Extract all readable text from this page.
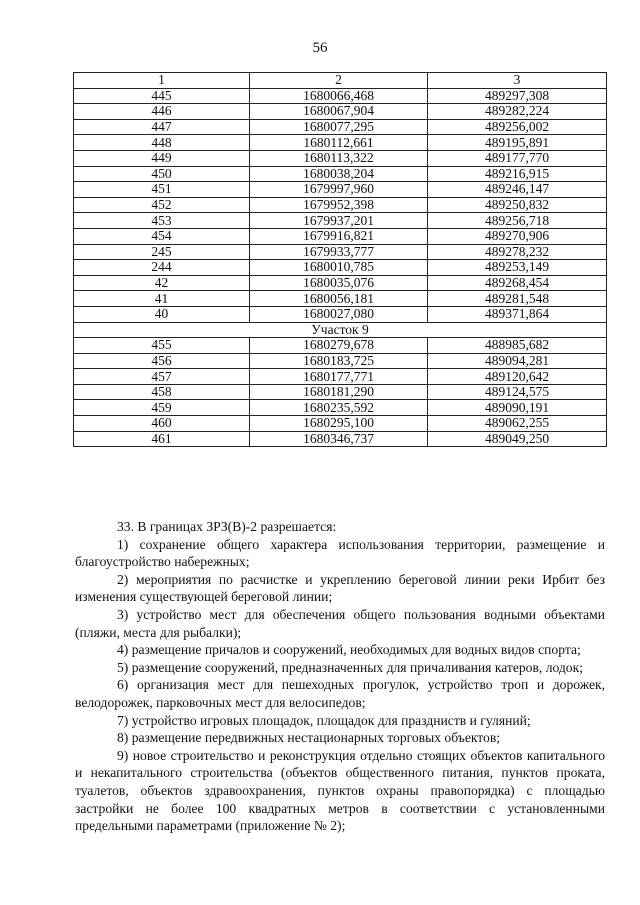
56
1	2	3
445	1680066,468	489297,308
446	1680067,904	489282,224
447	1680077,295	489256,002
448	1680112,661	489195,891
449	1680113,322	489177,770
450	1680038,204	489216,915
451	1679997,960	489246,147
452	1679952,398	489250,832
453	1679937,201	489256,718
454	1679916,821	489270,906
245	1679933,777	489278,232
244	1680010,785	489253,149
42	1680035,076	489268,454
41	1680056,181	489281,548
40	1680027,080	489371,864
Участок 9		
455	1680279,678	488985,682
456	1680183,725	489094,281
457	1680177,771	489120,642
458	1680181,290	489124,575
459	1680235,592	489090,191
460	1680295,100	489062,255
461	1680346,737	489049,250

33. В границах ЗРЗ(В)-2 разрешается:

1) сохранение общего характера использования территории, размещение и благоустройство набережных;

2) мероприятия по расчистке и укреплению береговой линии реки Ирбит без изменения существующей береговой линии;

3) устройство мест для обеспечения общего пользования водными объектами (пляжи, места для рыбалки);

4) размещение причалов и сооружений, необходимых для водных видов спорта;

5) размещение сооружений, предназначенных для причаливания катеров, лодок;

6) организация мест для пешеходных прогулок, устройство троп и дорожек, велодорожек, парковочных мест для велосипедов;

7) устройство игровых площадок, площадок для праздниств и гуляний;

8) размещение передвижных нестационарных торговых объектов;

9) новое строительство и реконструкция отдельно стоящих объектов капитального и некапитального строительства (объектов общественного питания, пунктов проката, туалетов, объектов здравоохранения, пунктов охраны правопорядка) с площадью застройки не более 100 квадратных метров в соответствии с установленными предельными параметрами (приложение № 2);
